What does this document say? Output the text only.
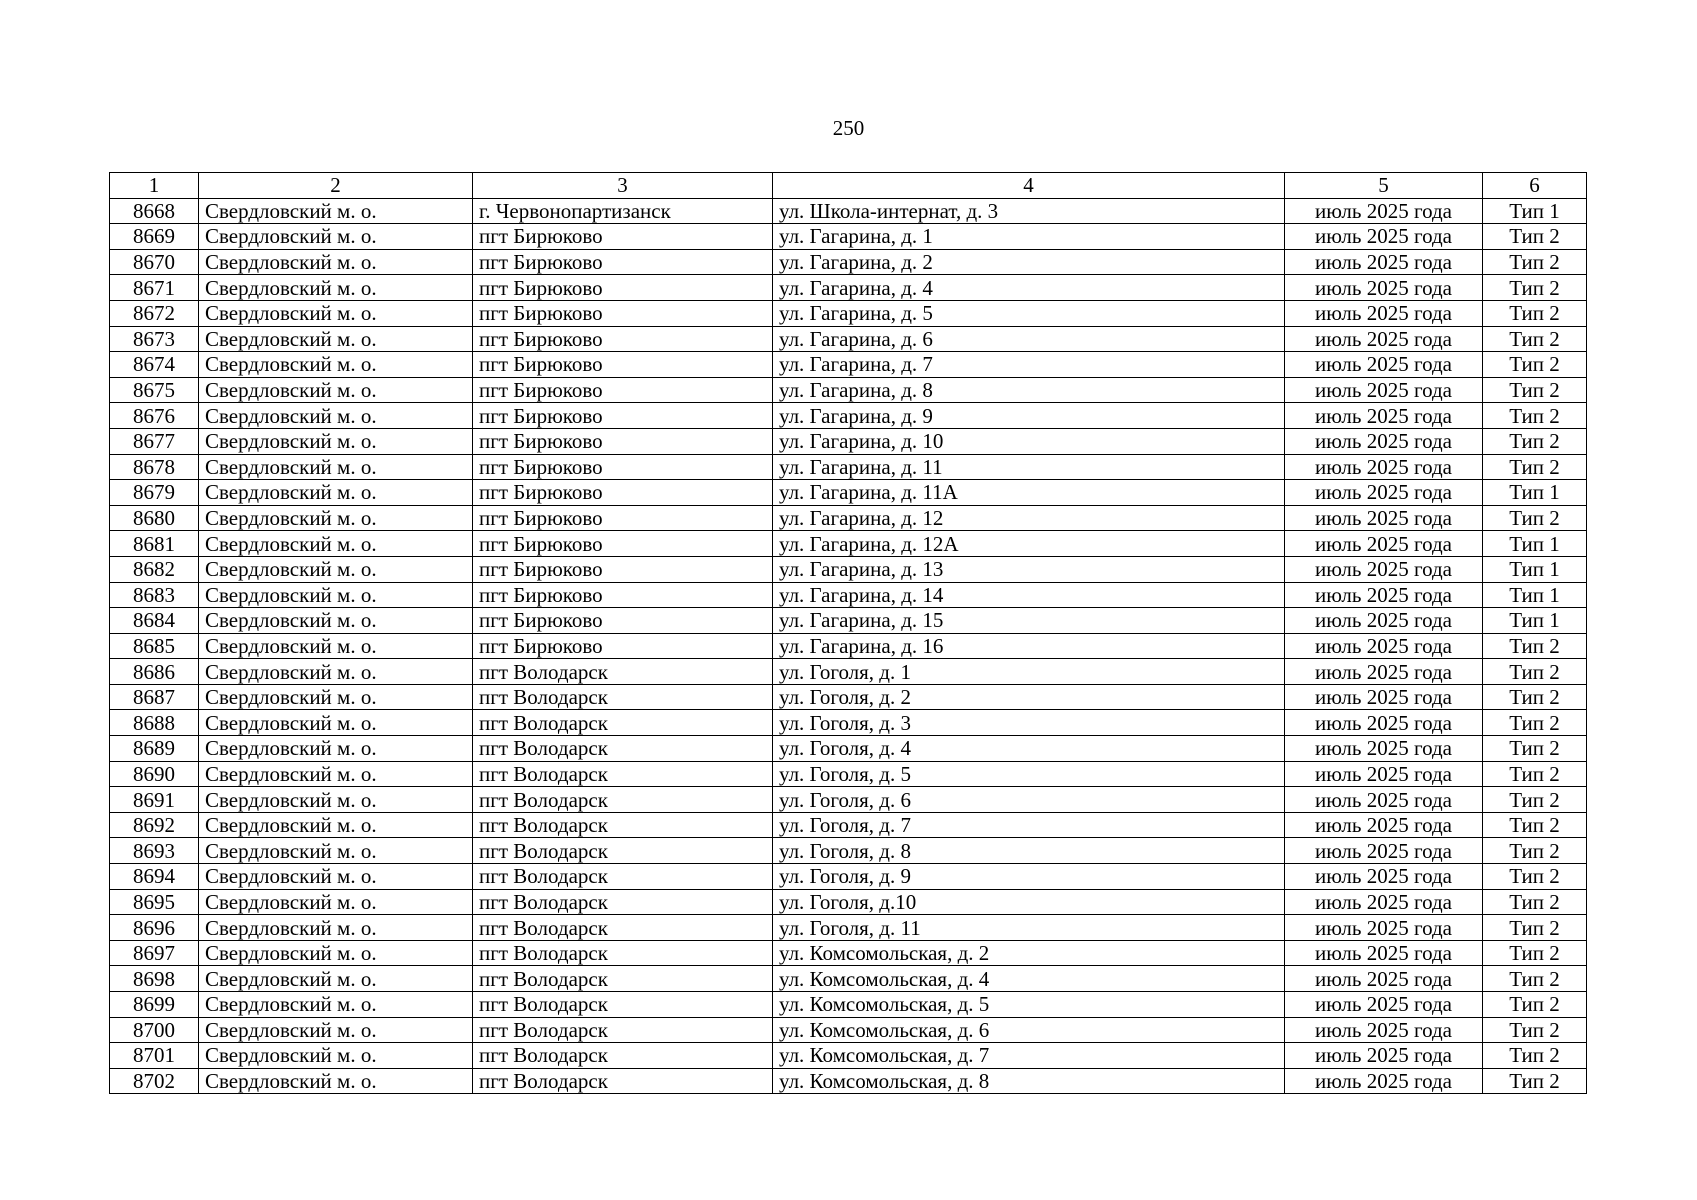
250
1	2	3	4	5	6
8668	Свердловский м. о.	г. Червонопартизанск	ул. Школа-интернат, д. 3	июль 2025 года	Тип 1
8669	Свердловский м. о.	пгт Бирюково	ул. Гагарина, д. 1	июль 2025 года	Тип 2
8670	Свердловский м. о.	пгт Бирюково	ул. Гагарина, д. 2	июль 2025 года	Тип 2
8671	Свердловский м. о.	пгт Бирюково	ул. Гагарина, д. 4	июль 2025 года	Тип 2
8672	Свердловский м. о.	пгт Бирюково	ул. Гагарина, д. 5	июль 2025 года	Тип 2
8673	Свердловский м. о.	пгт Бирюково	ул. Гагарина, д. 6	июль 2025 года	Тип 2
8674	Свердловский м. о.	пгт Бирюково	ул. Гагарина, д. 7	июль 2025 года	Тип 2
8675	Свердловский м. о.	пгт Бирюково	ул. Гагарина, д. 8	июль 2025 года	Тип 2
8676	Свердловский м. о.	пгт Бирюково	ул. Гагарина, д. 9	июль 2025 года	Тип 2
8677	Свердловский м. о.	пгт Бирюково	ул. Гагарина, д. 10	июль 2025 года	Тип 2
8678	Свердловский м. о.	пгт Бирюково	ул. Гагарина, д. 11	июль 2025 года	Тип 2
8679	Свердловский м. о.	пгт Бирюково	ул. Гагарина, д. 11А	июль 2025 года	Тип 1
8680	Свердловский м. о.	пгт Бирюково	ул. Гагарина, д. 12	июль 2025 года	Тип 2
8681	Свердловский м. о.	пгт Бирюково	ул. Гагарина, д. 12А	июль 2025 года	Тип 1
8682	Свердловский м. о.	пгт Бирюково	ул. Гагарина, д. 13	июль 2025 года	Тип 1
8683	Свердловский м. о.	пгт Бирюково	ул. Гагарина, д. 14	июль 2025 года	Тип 1
8684	Свердловский м. о.	пгт Бирюково	ул. Гагарина, д. 15	июль 2025 года	Тип 1
8685	Свердловский м. о.	пгт Бирюково	ул. Гагарина, д. 16	июль 2025 года	Тип 2
8686	Свердловский м. о.	пгт Володарск	ул. Гоголя, д. 1	июль 2025 года	Тип 2
8687	Свердловский м. о.	пгт Володарск	ул. Гоголя, д. 2	июль 2025 года	Тип 2
8688	Свердловский м. о.	пгт Володарск	ул. Гоголя, д. 3	июль 2025 года	Тип 2
8689	Свердловский м. о.	пгт Володарск	ул. Гоголя, д. 4	июль 2025 года	Тип 2
8690	Свердловский м. о.	пгт Володарск	ул. Гоголя, д. 5	июль 2025 года	Тип 2
8691	Свердловский м. о.	пгт Володарск	ул. Гоголя, д. 6	июль 2025 года	Тип 2
8692	Свердловский м. о.	пгт Володарск	ул. Гоголя, д. 7	июль 2025 года	Тип 2
8693	Свердловский м. о.	пгт Володарск	ул. Гоголя, д. 8	июль 2025 года	Тип 2
8694	Свердловский м. о.	пгт Володарск	ул. Гоголя, д. 9	июль 2025 года	Тип 2
8695	Свердловский м. о.	пгт Володарск	ул. Гоголя, д.10	июль 2025 года	Тип 2
8696	Свердловский м. о.	пгт Володарск	ул. Гоголя, д. 11	июль 2025 года	Тип 2
8697	Свердловский м. о.	пгт Володарск	ул. Комсомольская, д. 2	июль 2025 года	Тип 2
8698	Свердловский м. о.	пгт Володарск	ул. Комсомольская, д. 4	июль 2025 года	Тип 2
8699	Свердловский м. о.	пгт Володарск	ул. Комсомольская, д. 5	июль 2025 года	Тип 2
8700	Свердловский м. о.	пгт Володарск	ул. Комсомольская, д. 6	июль 2025 года	Тип 2
8701	Свердловский м. о.	пгт Володарск	ул. Комсомольская, д. 7	июль 2025 года	Тип 2
8702	Свердловский м. о.	пгт Володарск	ул. Комсомольская, д. 8	июль 2025 года	Тип 2
